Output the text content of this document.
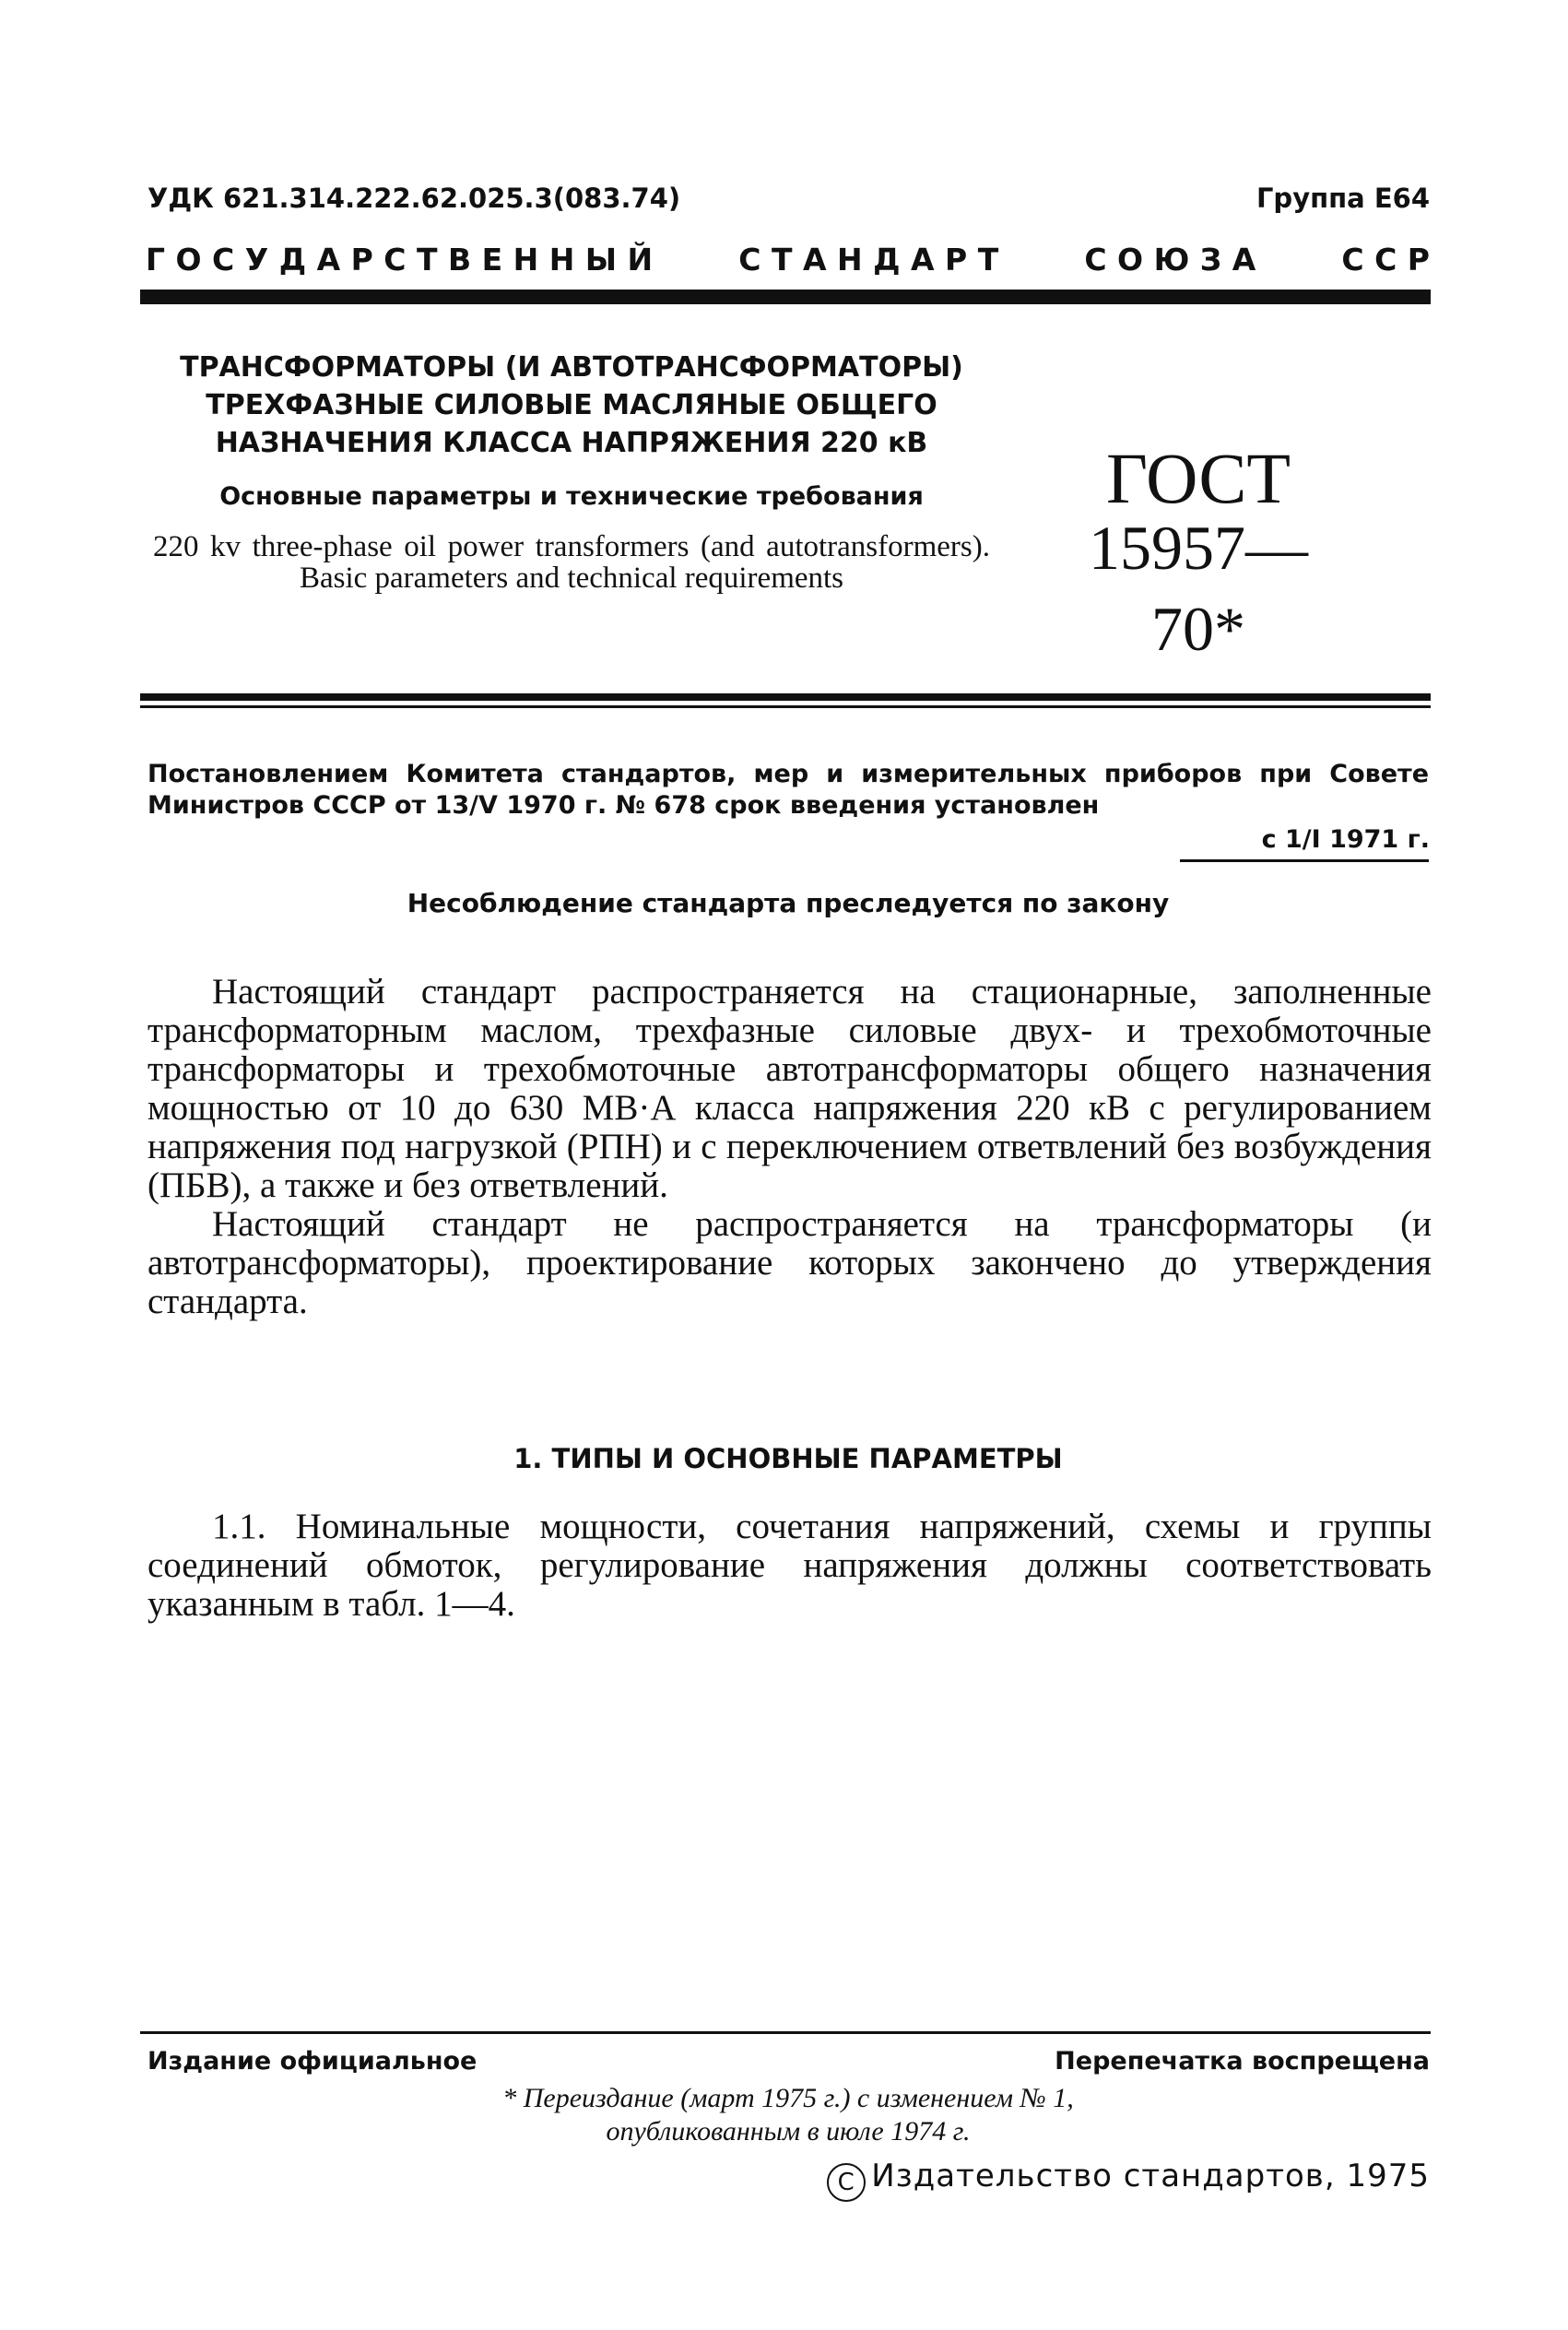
УДК 621.314.222.62.025.3(083.74)	Группа Е64
Г О С У Д А Р С Т В Е Н Н Ы Й	С Т А Н Д А Р Т	С О Ю З А	С С Р
ТРАНСФОРМАТОРЫ (И АВТОТРАНСФОРМАТОРЫ)
ТРЕХФАЗНЫЕ СИЛОВЫЕ МАСЛЯНЫЕ ОБЩЕГО
НАЗНАЧЕНИЯ КЛАССА НАПРЯЖЕНИЯ 220 кВ
Основные параметры и технические требования
220 kv three-phase oil power transformers (and autotransformers). Basic parameters and technical requirements
ГОСТ
15957—70*
Постановлением Комитета стандартов, мер и измерительных приборов при Совете Министров СССР от 13/V 1970 г. № 678 срок введения установлен
с 1/I 1971 г.
Несоблюдение стандарта преследуется по закону

Настоящий стандарт распространяется на стационарные, заполненные трансформаторным маслом, трехфазные силовые двух- и трехобмоточные трансформаторы и трехобмоточные автотрансформаторы общего назначения мощностью от 10 до 630 МВ·А класса напряжения 220 кВ с регулированием напряжения под нагрузкой (РПН) и с переключением ответвлений без возбуждения (ПБВ), а также и без ответвлений.

Настоящий стандарт не распространяется на трансформаторы (и автотрансформаторы), проектирование которых закончено до утверждения стандарта.

1. ТИПЫ И ОСНОВНЫЕ ПАРАМЕТРЫ
1.1. Номинальные мощности, сочетания напряжений, схемы и группы соединений обмоток, регулирование напряжения должны соответствовать указанным в табл. 1—4.
Издание официальное	Перепечатка воспрещена
* Переиздание (март 1975 г.) с изменением № 1,
опубликованным в июле 1974 г.
C Издательство стандартов, 1975
